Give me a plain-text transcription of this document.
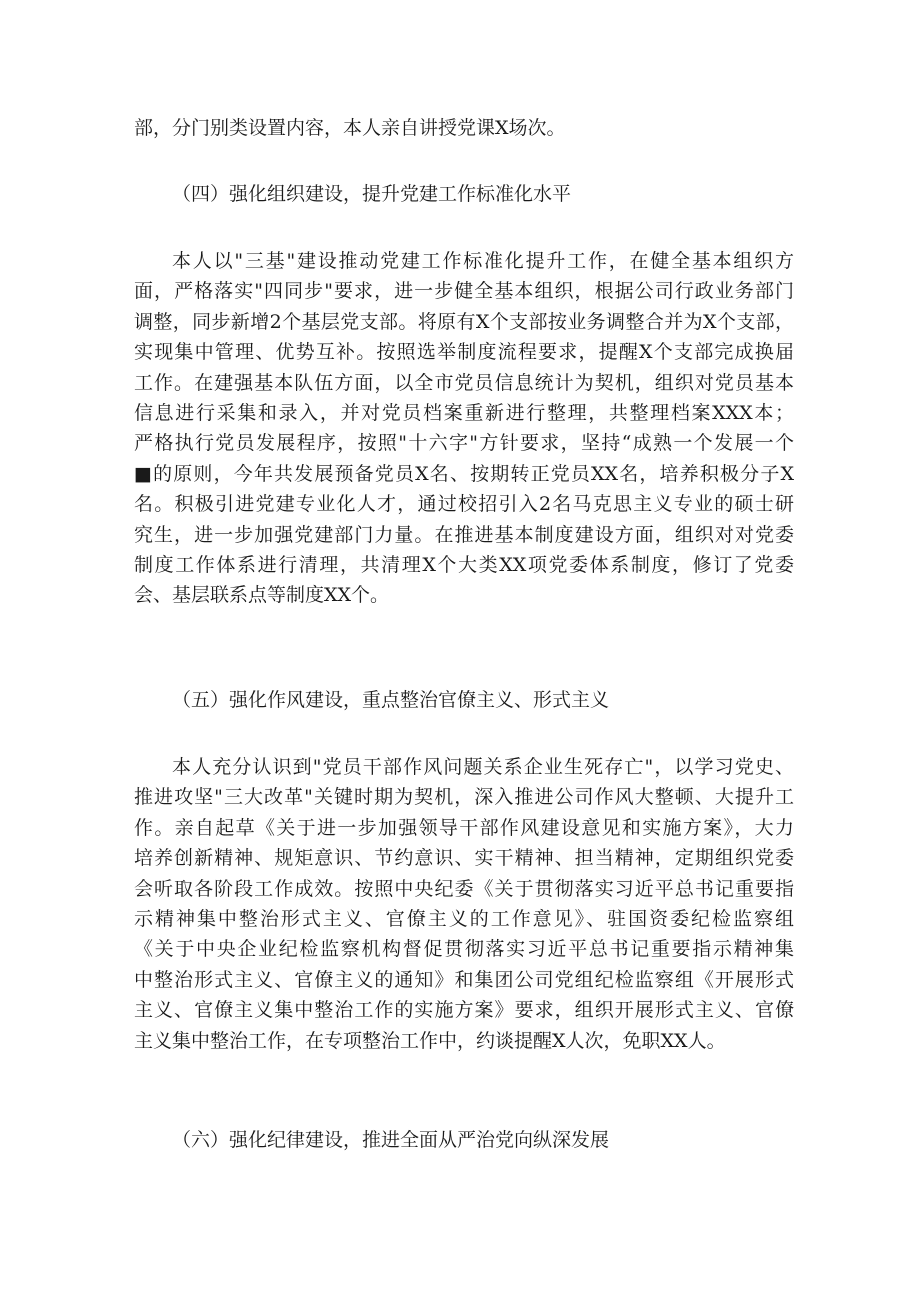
部，分门别类设置内容，本人亲自讲授党课X场次。
（四）强化组织建设，提升党建工作标准化水平
本人以"三基"建设推动党建工作标准化提升工作，在健全基本组织方
面，严格落实"四同步"要求，进一步健全基本组织，根据公司行政业务部门
调整，同步新增2个基层党支部。将原有X个支部按业务调整合并为X个支部，
实现集中管理、优势互补。按照选举制度流程要求，提醒X个支部完成换届
工作。在建强基本队伍方面，以全市党员信息统计为契机，组织对党员基本
信息进行采集和录入，并对党员档案重新进行整理，共整理档案XXX本；
严格执行党员发展程序，按照"十六字"方针要求，坚持“成熟一个发展一个
■的原则，今年共发展预备党员X名、按期转正党员XX名，培养积极分子X
名。积极引进党建专业化人才，通过校招引入2名马克思主义专业的硕士研
究生，进一步加强党建部门力量。在推进基本制度建设方面，组织对对党委
制度工作体系进行清理，共清理X个大类XX项党委体系制度，修订了党委
会、基层联系点等制度XX个。
（五）强化作风建设，重点整治官僚主义、形式主义
本人充分认识到"党员干部作风问题关系企业生死存亡"，以学习党史、
推进攻坚"三大改革"关键时期为契机，深入推进公司作风大整顿、大提升工
作。亲自起草《关于进一步加强领导干部作风建设意见和实施方案》，大力
培养创新精神、规矩意识、节约意识、实干精神、担当精神，定期组织党委
会听取各阶段工作成效。按照中央纪委《关于贯彻落实习近平总书记重要指
示精神集中整治形式主义、官僚主义的工作意见》、驻国资委纪检监察组
《关于中央企业纪检监察机构督促贯彻落实习近平总书记重要指示精神集
中整治形式主义、官僚主义的通知》和集团公司党组纪检监察组《开展形式
主义、官僚主义集中整治工作的实施方案》要求，组织开展形式主义、官僚
主义集中整治工作，在专项整治工作中，约谈提醒X人次，免职XX人。
（六）强化纪律建设，推进全面从严治党向纵深发展
